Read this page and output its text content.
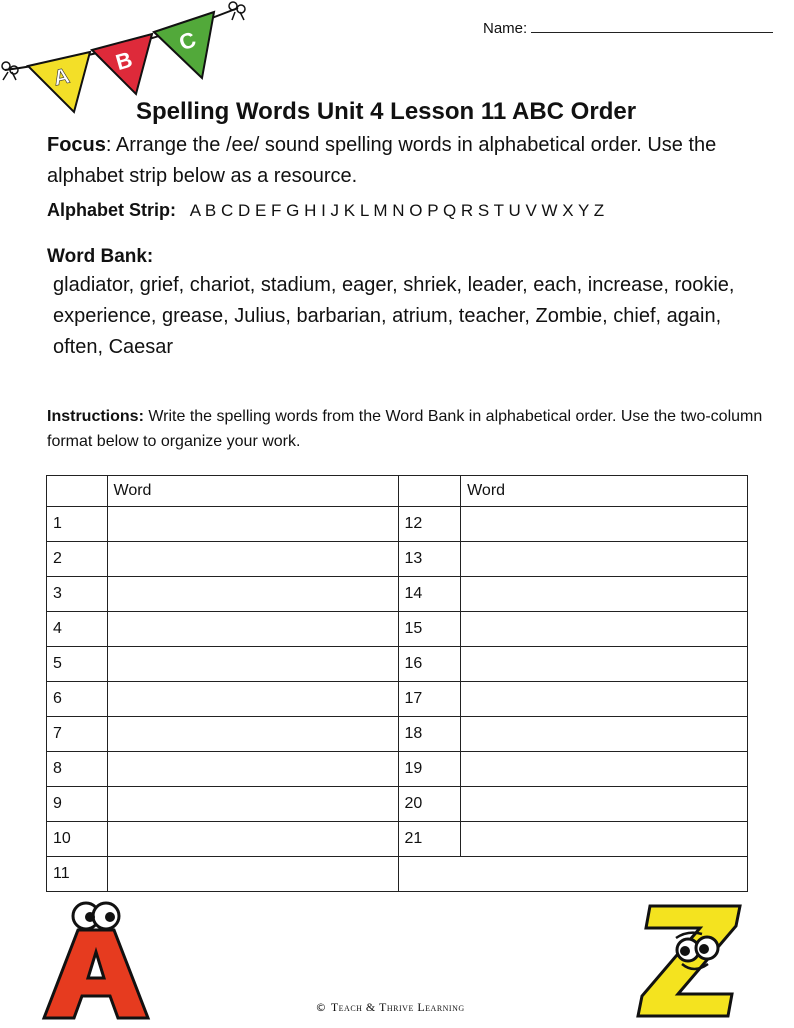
A
B
C	Name:
Spelling Words Unit 4 Lesson 11 ABC Order
Focus: Arrange the /ee/ sound spelling words in alphabetical order. Use the alphabet strip below as a resource.
Alphabet Strip: A B C D E F G H I J K L M N O P Q R S T U V W X Y Z
Word Bank:
gladiator, grief, chariot, stadium, eager, shriek, leader, each, increase, rookie, experience, grease, Julius, barbarian, atrium, teacher, Zombie, chief, again, often, Caesar
Instructions: Write the spelling words from the Word Bank in alphabetical order. Use the two-column format below to organize your work.
	Word		Word
1		12	
2		13	
3		14	
4		15	
5		16	
6		17	
7		18	
8		19	
9		20	
10		21	
11			
© Teach & Thrive Learning
